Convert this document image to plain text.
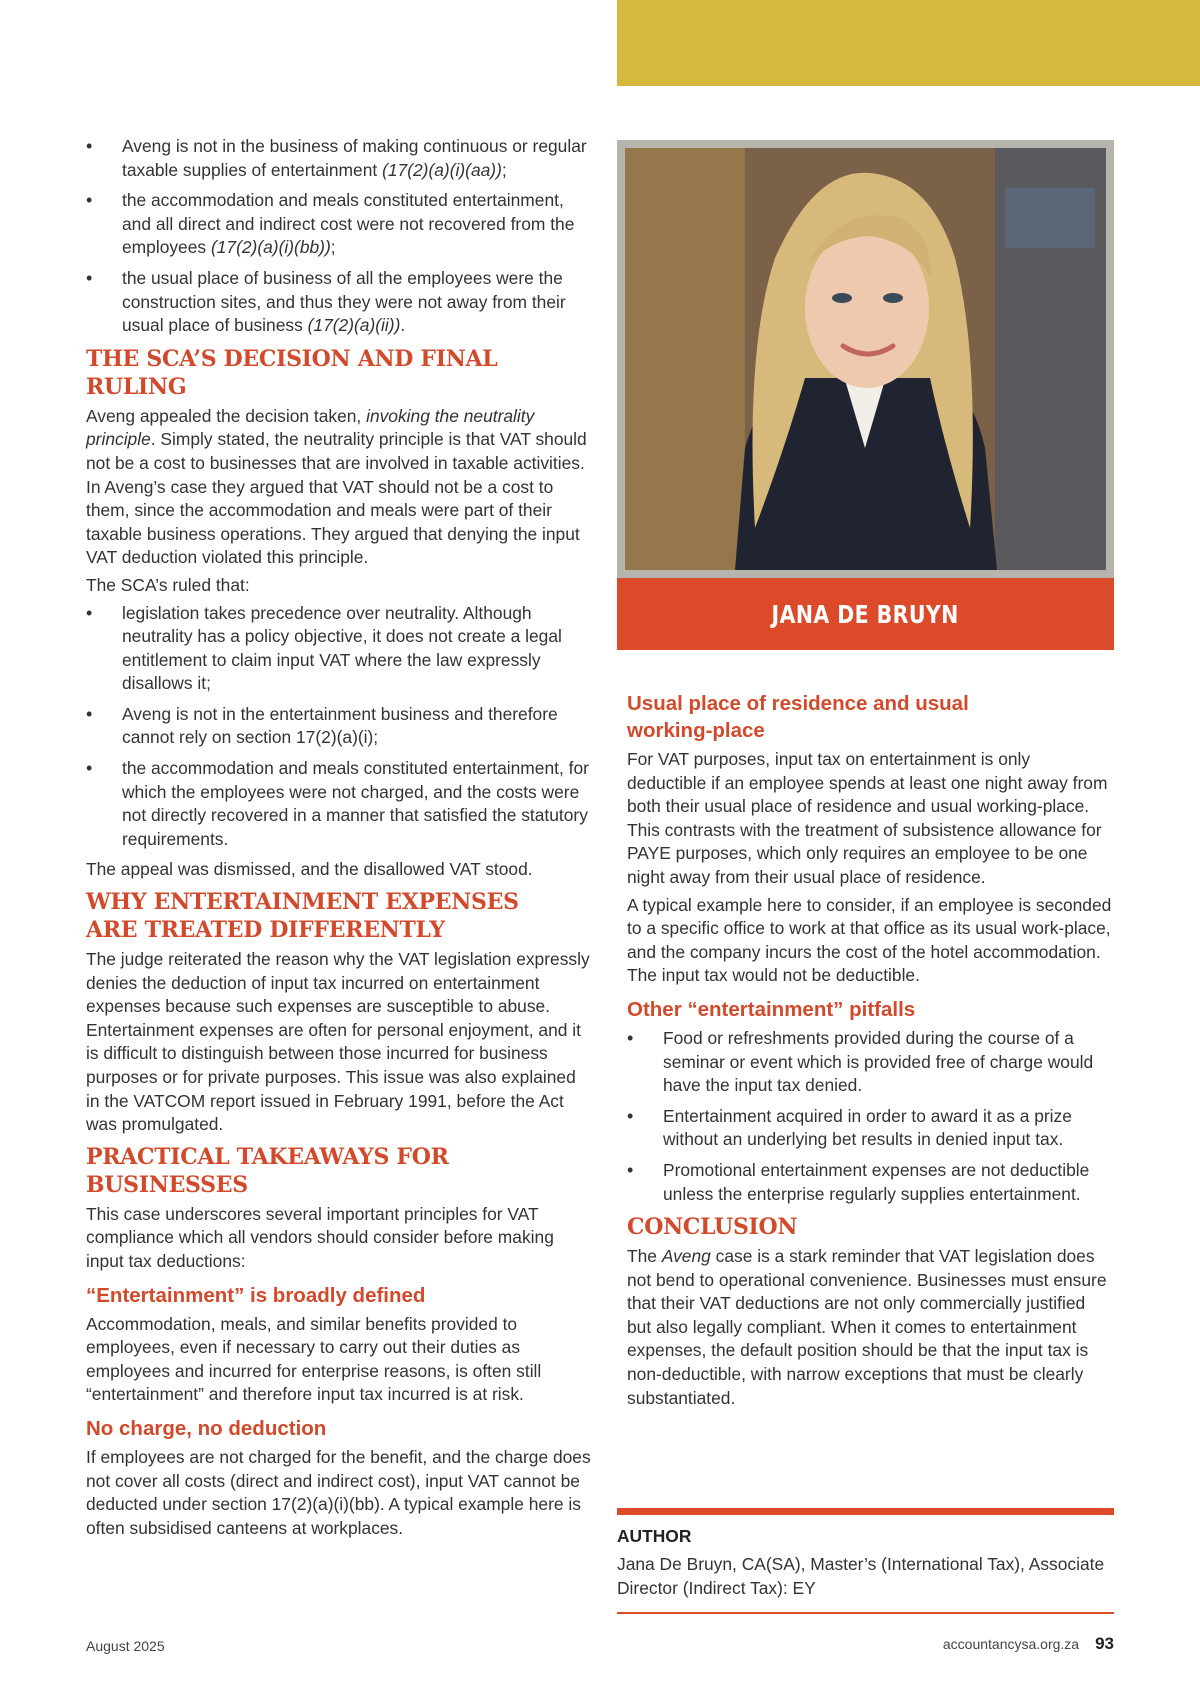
• Aveng is not in the business of making continuous or regular taxable supplies of entertainment (17(2)(a)(i)(aa));
• the accommodation and meals constituted entertainment, and all direct and indirect cost were not recovered from the employees (17(2)(a)(i)(bb));
• the usual place of business of all the employees were the construction sites, and thus they were not away from their usual place of business (17(2)(a)(ii)).
THE SCA’S DECISION AND FINAL RULING

Aveng appealed the decision taken, invoking the neutrality principle. Simply stated, the neutrality principle is that VAT should not be a cost to businesses that are involved in taxable activities. In Aveng’s case they argued that VAT should not be a cost to them, since the accommodation and meals were part of their taxable business operations. They argued that denying the input VAT deduction violated this principle.

The SCA’s ruled that:

• legislation takes precedence over neutrality. Although neutrality has a policy objective, it does not create a legal entitlement to claim input VAT where the law expressly disallows it;
• Aveng is not in the entertainment business and therefore cannot rely on section 17(2)(a)(i);
• the accommodation and meals constituted entertainment, for which the employees were not charged, and the costs were not directly recovered in a manner that satisfied the statutory requirements.

The appeal was dismissed, and the disallowed VAT stood.

WHY ENTERTAINMENT EXPENSES
ARE TREATED DIFFERENTLY

The judge reiterated the reason why the VAT legislation expressly denies the deduction of input tax incurred on entertainment expenses because such expenses are susceptible to abuse. Entertainment expenses are often for personal enjoyment, and it is difficult to distinguish between those incurred for business purposes or for private purposes. This issue was also explained in the VATCOM report issued in February 1991, before the Act was promulgated.

PRACTICAL TAKEAWAYS FOR BUSINESSES

This case underscores several important principles for VAT compliance which all vendors should consider before making input tax deductions:

“Entertainment” is broadly defined

Accommodation, meals, and similar benefits provided to employees, even if necessary to carry out their duties as employees and incurred for enterprise reasons, is often still “entertainment” and therefore input tax incurred is at risk.

No charge, no deduction

If employees are not charged for the benefit, and the charge does not cover all costs (direct and indirect cost), input VAT cannot be deducted under section 17(2)(a)(i)(bb). A typical example here is often subsidised canteens at workplaces.

JANA DE BRUYN
Usual place of residence and usual
working-place

For VAT purposes, input tax on entertainment is only deductible if an employee spends at least one night away from both their usual place of residence and usual working-place. This contrasts with the treatment of subsistence allowance for PAYE purposes, which only requires an employee to be one night away from their usual place of residence.

A typical example here to consider, if an employee is seconded to a specific office to work at that office as its usual work-place, and the company incurs the cost of the hotel accommodation. The input tax would not be deductible.

Other “entertainment” pitfalls
• Food or refreshments provided during the course of a seminar or event which is provided free of charge would have the input tax denied.
• Entertainment acquired in order to award it as a prize without an underlying bet results in denied input tax.
• Promotional entertainment expenses are not deductible unless the enterprise regularly supplies entertainment.
CONCLUSION

The Aveng case is a stark reminder that VAT legislation does not bend to operational convenience. Businesses must ensure that their VAT deductions are not only commercially justified but also legally compliant. When it comes to entertainment expenses, the default position should be that the input tax is non-deductible, with narrow exceptions that must be clearly substantiated.

AUTHOR
Jana De Bruyn, CA(SA), Master’s (International Tax), Associate Director (Indirect Tax): EY
August 2025	accountancysa.org.za 93
